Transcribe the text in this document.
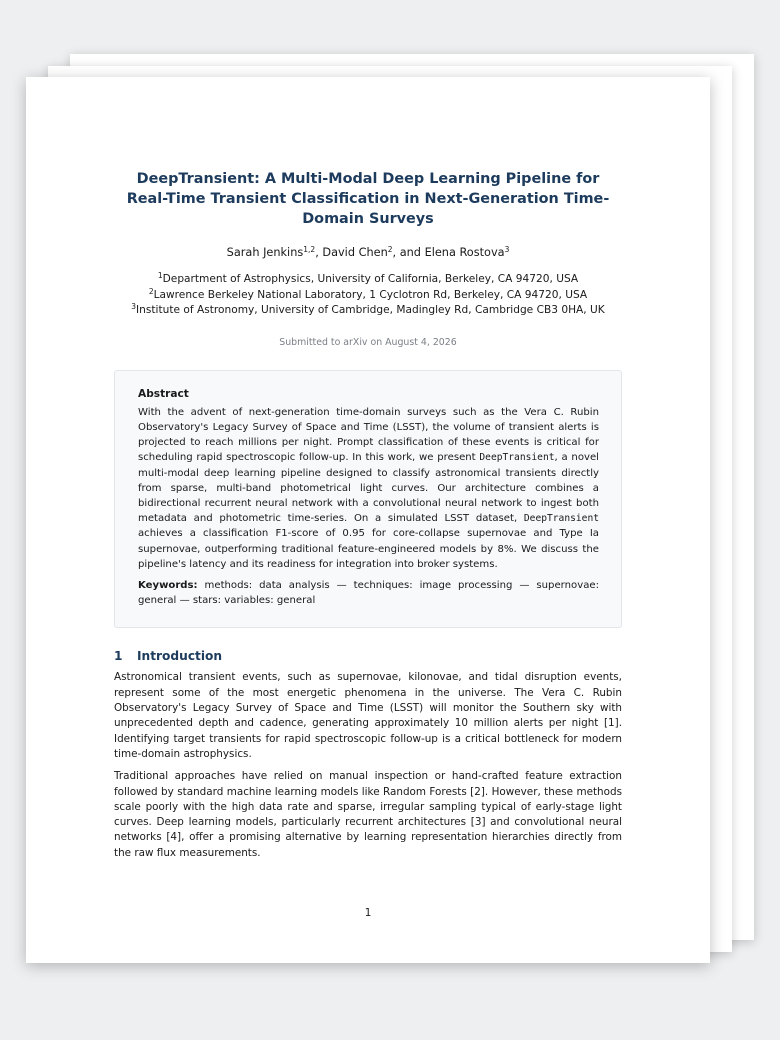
DeepTransient: A Multi-Modal Deep Learning Pipeline for Real-Time Transient Classification in Next-Generation Time-Domain Surveys

Sarah Jenkins$^{1,2}$, David Chen$^2$, and Elena Rostova$^3$

$^1$Department of Astrophysics, University of California, Berkeley, CA 94720, USA
$^2$Lawrence Berkeley National Laboratory, 1 Cyclotron Rd, Berkeley, CA 94720, USA
$^3$Institute of Astronomy, University of Cambridge, Madingley Rd, Cambridge CB3 0HA, UK

Submitted to arXiv on August 4, 2026

Abstract

With the advent of next-generation time-domain surveys such as the Vera C. Rubin Observatory's Legacy Survey of Space and Time (LSST), the volume of transient alerts is projected to reach millions per night. Prompt classification of these events is critical for scheduling rapid spectroscopic follow-up. In this work, we present DeepTransient, a novel multi-modal deep learning pipeline designed to classify astronomical transients directly from sparse, multi-band photometrical light curves. Our architecture combines a bidirectional recurrent neural network with a convolutional neural network to ingest both metadata and photometric time-series. On a simulated LSST dataset, DeepTransient achieves a classification F1-score of 0.95 for core-collapse supernovae and Type Ia supernovae, outperforming traditional feature-engineered models by 8%. We discuss the pipeline's latency and its readiness for integration into broker systems.

Keywords: methods: data analysis — techniques: image processing — supernovae: general — stars: variables: general

1 Introduction

Astronomical transient events, such as supernovae, kilonovae, and tidal disruption events, represent some of the most energetic phenomena in the universe. The Vera C. Rubin Observatory's Legacy Survey of Space and Time (LSST) will monitor the Southern sky with unprecedented depth and cadence, generating approximately 10 million alerts per night [1]. Identifying target transients for rapid spectroscopic follow-up is a critical bottleneck for modern time-domain astrophysics.

Traditional approaches have relied on manual inspection or hand-crafted feature extraction followed by standard machine learning models like Random Forests [2]. However, these methods scale poorly with the high data rate and sparse, irregular sampling typical of early-stage light curves. Deep learning models, particularly recurrent architectures [3] and convolutional neural networks [4], offer a promising alternative by learning representation hierarchies directly from the raw flux measurements.

1
